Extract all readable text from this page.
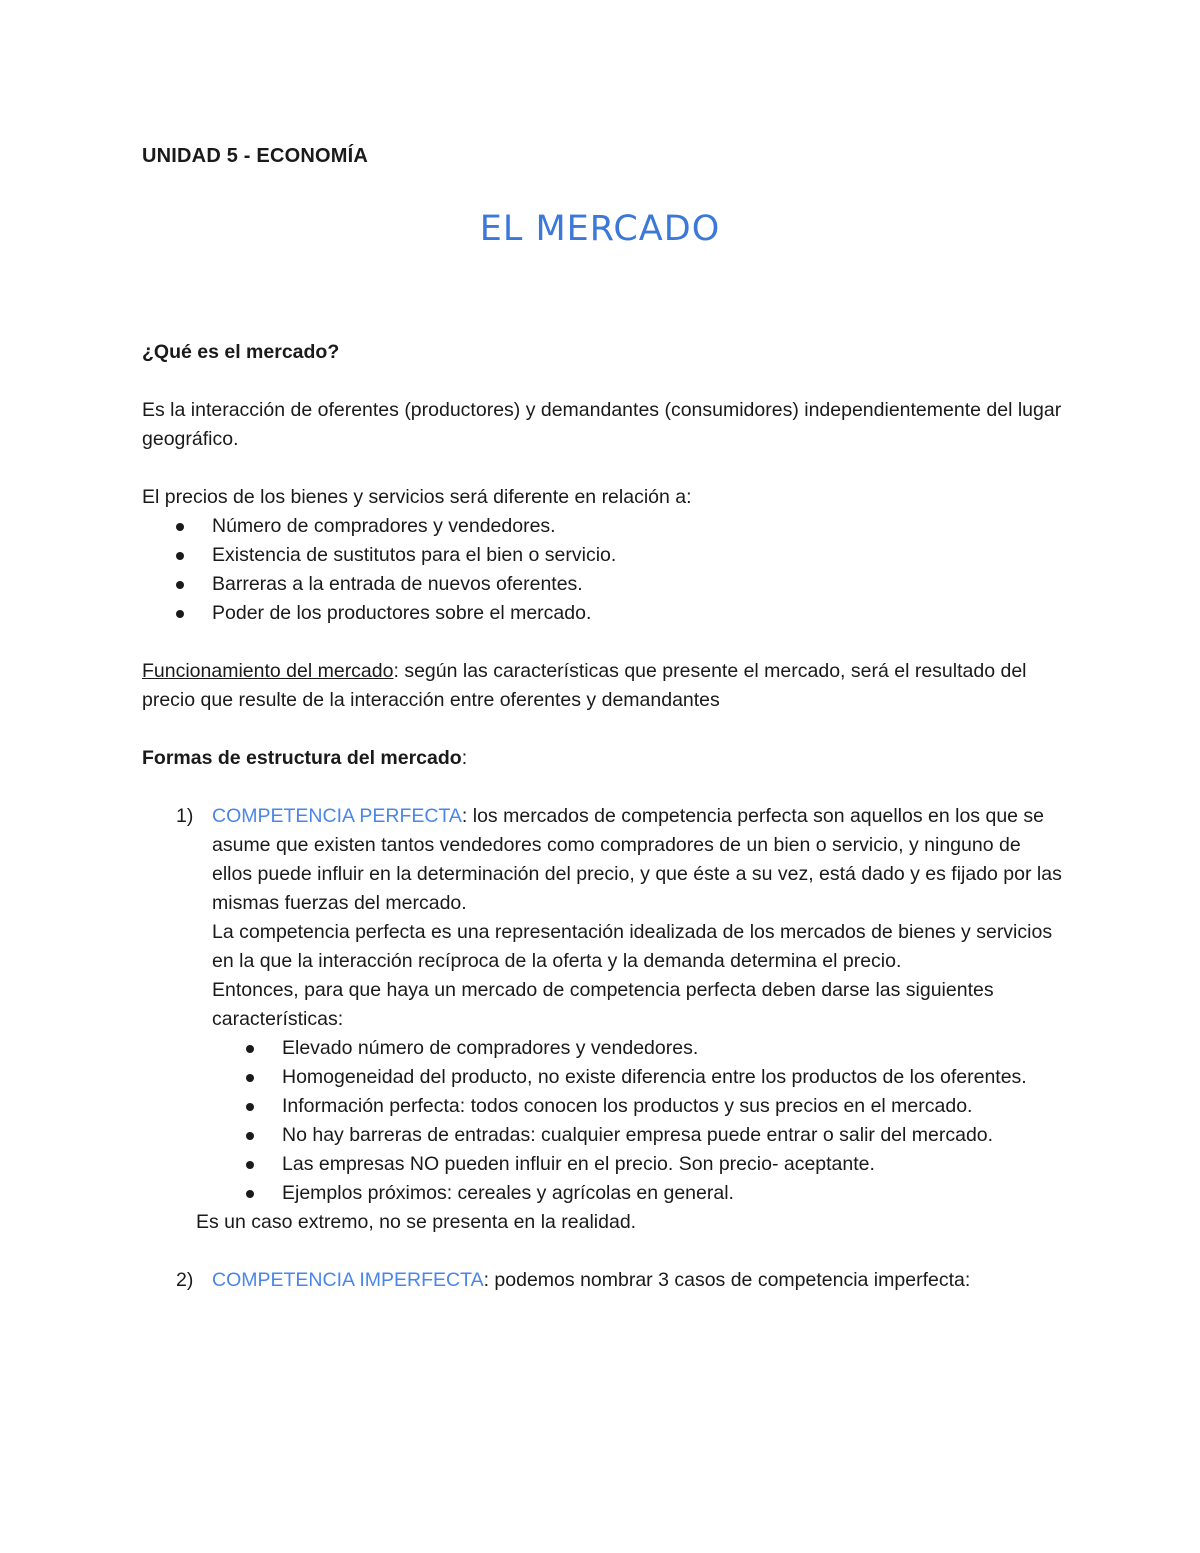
UNIDAD 5 - ECONOMÍA
EL MERCADO

¿Qué es el mercado?

Es la interacción de oferentes (productores) y demandantes (consumidores) independientemente del lugar geográfico.

El precios de los bienes y servicios será diferente en relación a:

Número de compradores y vendedores.
Existencia de sustitutos para el bien o servicio.
Barreras a la entrada de nuevos oferentes.
Poder de los productores sobre el mercado.

Funcionamiento del mercado: según las características que presente el mercado, será el resultado del precio que resulte de la interacción entre oferentes y demandantes

Formas de estructura del mercado:

1) COMPETENCIA PERFECTA: los mercados de competencia perfecta son aquellos en los que se asume que existen tantos vendedores como compradores de un bien o servicio, y ninguno de ellos puede influir en la determinación del precio, y que éste a su vez, está dado y es fijado por las mismas fuerzas del mercado.

La competencia perfecta es una representación idealizada de los mercados de bienes y servicios en la que la interacción recíproca de la oferta y la demanda determina el precio.

Entonces, para que haya un mercado de competencia perfecta deben darse las siguientes características:

Elevado número de compradores y vendedores.
Homogeneidad del producto, no existe diferencia entre los productos de los oferentes.
Información perfecta: todos conocen los productos y sus precios en el mercado.
No hay barreras de entradas: cualquier empresa puede entrar o salir del mercado.
Las empresas NO pueden influir en el precio. Son precio- aceptante.
Ejemplos próximos: cereales y agrícolas en general.

Es un caso extremo, no se presenta en la realidad.

2) COMPETENCIA IMPERFECTA: podemos nombrar 3 casos de competencia imperfecta:
